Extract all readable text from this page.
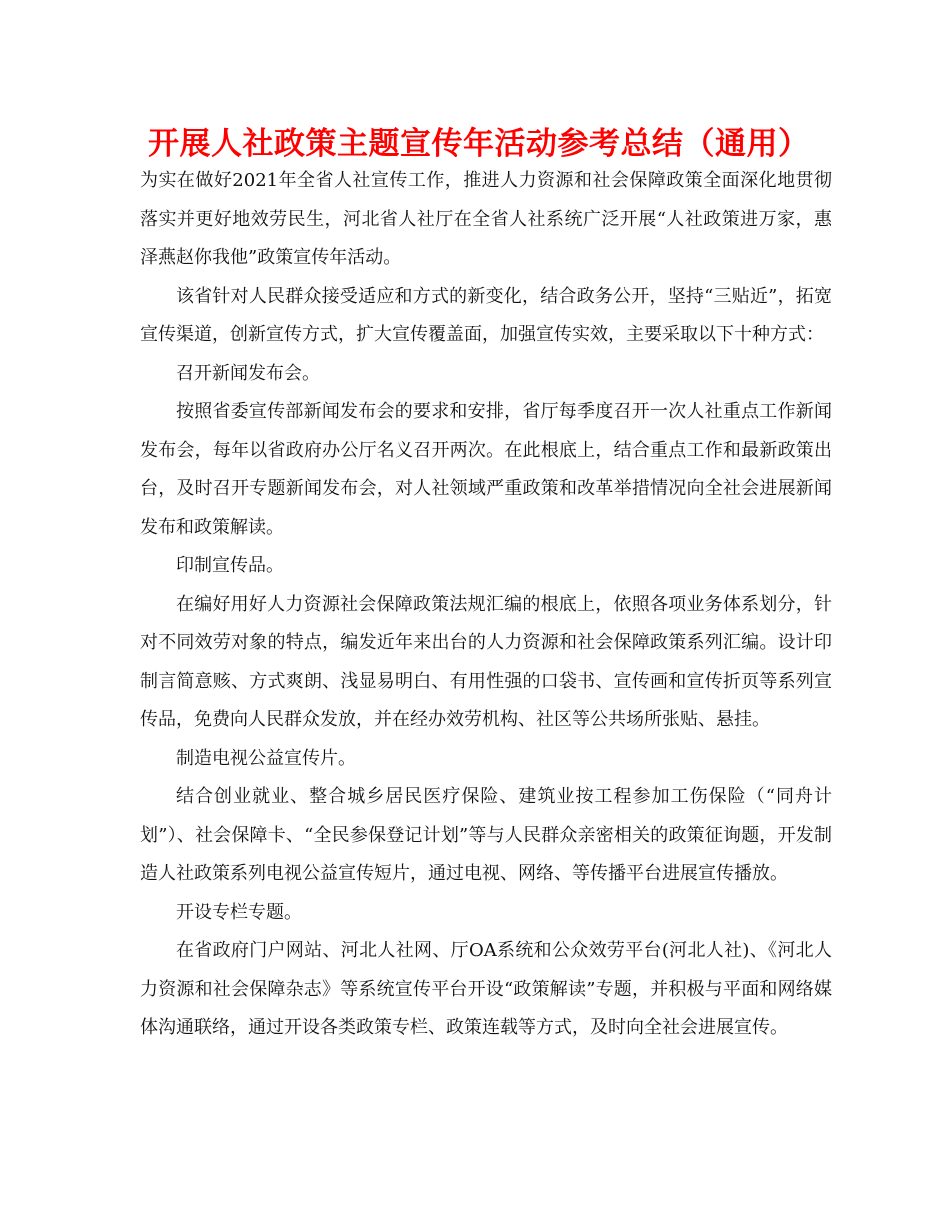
开展人社政策主题宣传年活动参考总结（通用）

为实在做好2021年全省人社宣传工作，推进人力资源和社会保障政策全面深化地贯彻落实并更好地效劳民生，河北省人社厅在全省人社系统广泛开展“人社政策进万家，惠泽燕赵你我他”政策宣传年活动。

该省针对人民群众接受适应和方式的新变化，结合政务公开，坚持“三贴近”，拓宽宣传渠道，创新宣传方式，扩大宣传覆盖面，加强宣传实效，主要采取以下十种方式：

召开新闻发布会。

按照省委宣传部新闻发布会的要求和安排，省厅每季度召开一次人社重点工作新闻发布会，每年以省政府办公厅名义召开两次。在此根底上，结合重点工作和最新政策出台，及时召开专题新闻发布会，对人社领域严重政策和改革举措情况向全社会进展新闻发布和政策解读。

印制宣传品。

在编好用好人力资源社会保障政策法规汇编的根底上，依照各项业务体系划分，针对不同效劳对象的特点，编发近年来出台的人力资源和社会保障政策系列汇编。设计印制言简意赅、方式爽朗、浅显易明白、有用性强的口袋书、宣传画和宣传折页等系列宣传品，免费向人民群众发放，并在经办效劳机构、社区等公共场所张贴、悬挂。

制造电视公益宣传片。

结合创业就业、整合城乡居民医疗保险、建筑业按工程参加工伤保险（“同舟计划”）、社会保障卡、“全民参保登记计划”等与人民群众亲密相关的政策征询题，开发制造人社政策系列电视公益宣传短片，通过电视、网络、等传播平台进展宣传播放。

开设专栏专题。

在省政府门户网站、河北人社网、厅OA系统和公众效劳平台(河北人社)、《河北人力资源和社会保障杂志》等系统宣传平台开设“政策解读”专题，并积极与平面和网络媒体沟通联络，通过开设各类政策专栏、政策连载等方式，及时向全社会进展宣传。
